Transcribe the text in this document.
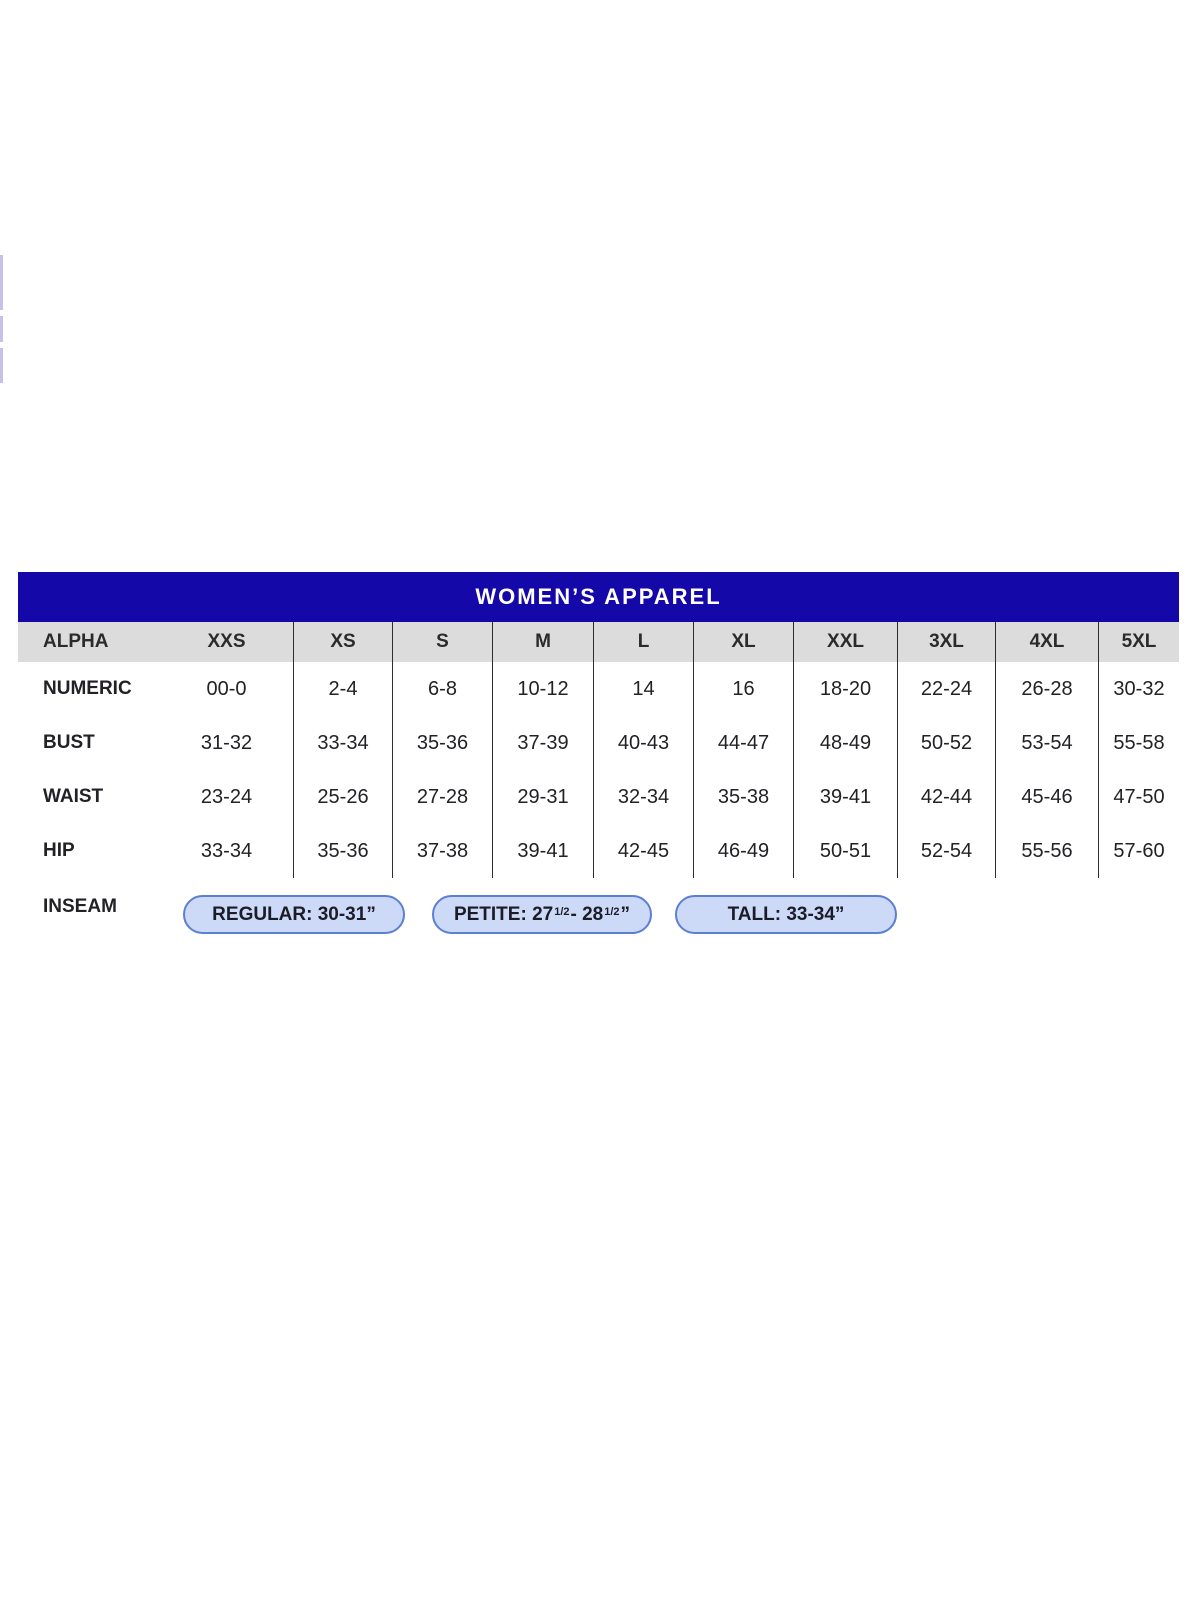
WOMEN’S APPAREL
ALPHA	XXS	XS	S	M	L	XL	XXL	3XL	4XL	5XL
NUMERIC	00-0	2-4	6-8	10-12	14	16	18-20	22-24	26-28	30-32
BUST	31-32	33-34	35-36	37-39	40-43	44-47	48-49	50-52	53-54	55-58
WAIST	23-24	25-26	27-28	29-31	32-34	35-38	39-41	42-44	45-46	47-50
HIP	33-34	35-36	37-38	39-41	42-45	46-49	50-51	52-54	55-56	57-60
INSEAM	REGULAR: 30-31”	PETITE: 27 1/2 - 28 1/2 ”	TALL: 33-34”
